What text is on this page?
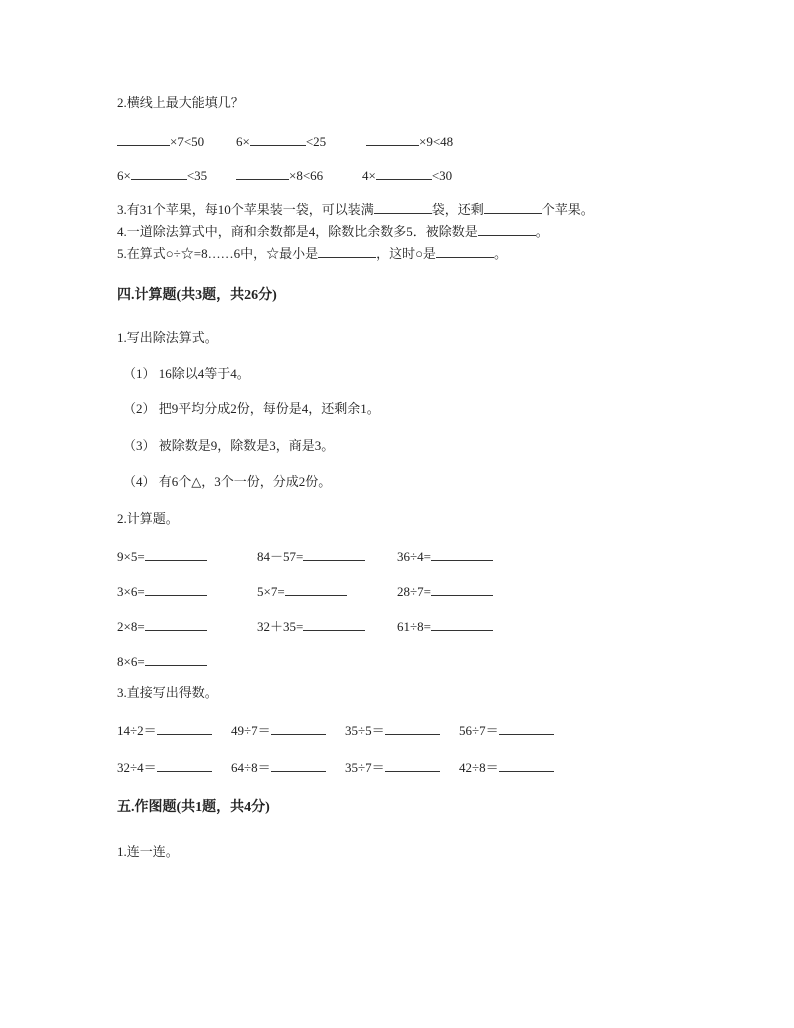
2.横线上最大能填几？
×7<50 6×	<25	×9<48
6×	<35	×8<66	4×	<30
3.有31个苹果，每10个苹果装一袋，可以装满	袋，还剩	个苹果。
4.一道除法算式中，商和余数都是4，除数比余数多5．被除数是	。
5.在算式○÷☆=8……6中，☆最小是	，这时○是	。
四.计算题(共3题，共26分)
1.写出除法算式。
（1） 16除以4等于4。
（2） 把9平均分成2份，每份是4，还剩余1。
（3） 被除数是9，除数是3，商是3。
（4） 有6个△，3个一份，分成2份。
2.计算题。
9×5=	84－57=	36÷4=
3×6=	5×7=	28÷7=
2×8=	32＋35=	61÷8=
8×6=
3.直接写出得数。
14÷2＝	49÷7＝	35÷5＝	56÷7＝
32÷4＝	64÷8＝	35÷7＝	42÷8＝
五.作图题(共1题，共4分)
1.连一连。
